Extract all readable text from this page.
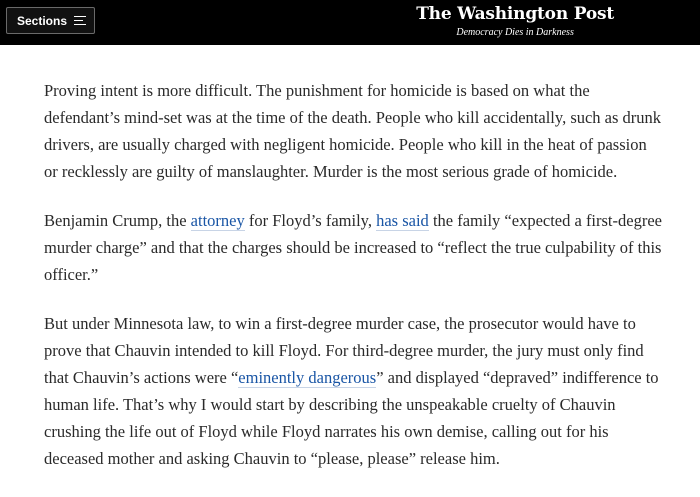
Sections	The Washington Post
Democracy Dies in Darkness

Proving intent is more difficult. The punishment for homicide is based on what the defendant’s mind-set was at the time of the death. People who kill accidentally, such as drunk drivers, are usually charged with negligent homicide. People who kill in the heat of passion or recklessly are guilty of manslaughter. Murder is the most serious grade of homicide.

Benjamin Crump, the attorney for Floyd’s family, has said the family “expected a first-degree murder charge” and that the charges should be increased to “reflect the true culpability of this officer.”

But under Minnesota law, to win a first-degree murder case, the prosecutor would have to prove that Chauvin intended to kill Floyd. For third-degree murder, the jury must only find that Chauvin’s actions were “eminently dangerous” and displayed “depraved” indifference to human life. That’s why I would start by describing the unspeakable cruelty of Chauvin crushing the life out of Floyd while Floyd narrates his own demise, calling out for his deceased mother and asking Chauvin to “please, please” release him.
